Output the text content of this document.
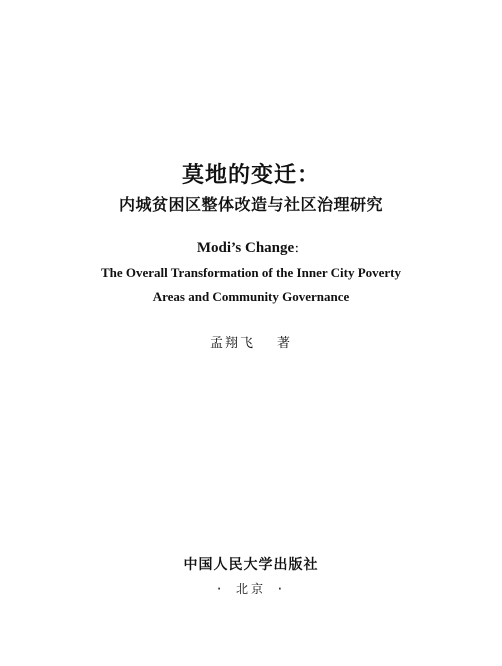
莫地的变迁：
内城贫困区整体改造与社区治理研究
Modi’s Change：
The Overall Transformation of the Inner City Poverty
Areas and Community Governance
孟翔飞 著
中国人民大学出版社
· 北京 ·
